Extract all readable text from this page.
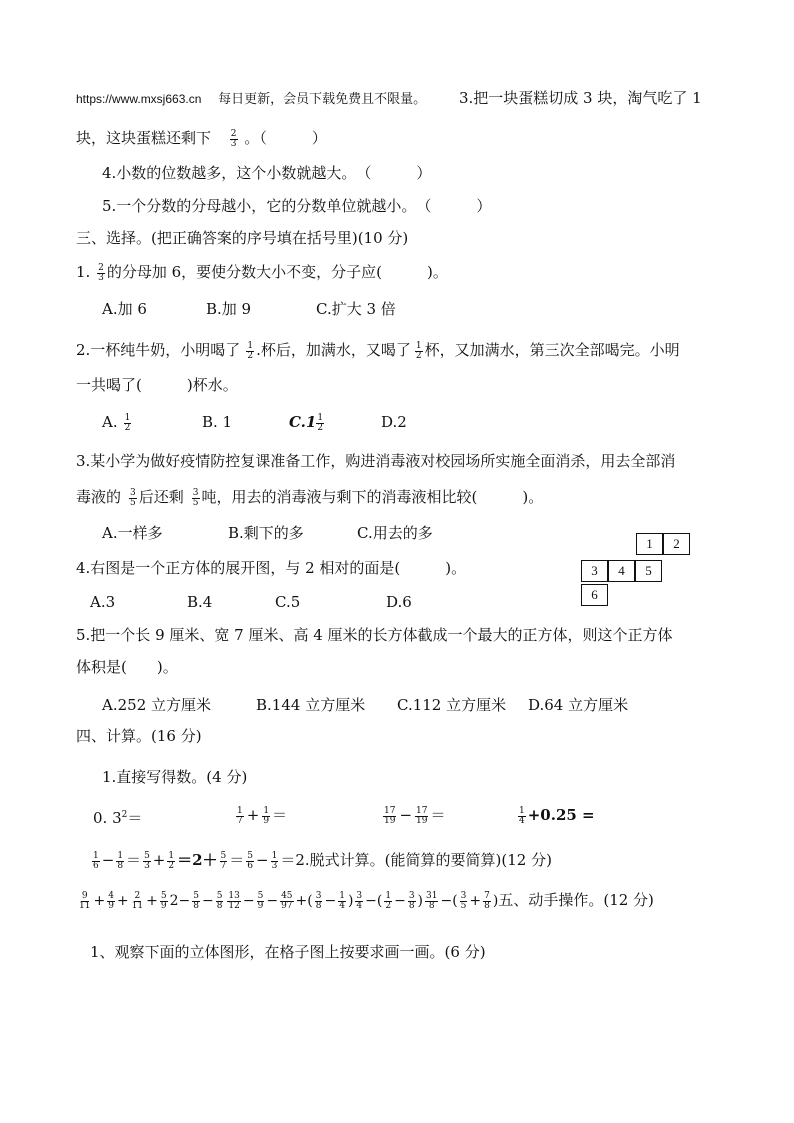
https://www.mxsj663.cn 每日更新，会员下载免费且不限量。 3.把一块蛋糕切成 3 块，淘气吃了 1
块，这块蛋糕还剩下 $\frac{2}{3}$ 。（　　　）
4.小数的位数越多，这个小数就越大。　（　　　）
5.一个分数的分母越小，它的分数单位就越小。　（　　　）
三、选择。(把正确答案的序号填在括号里)(10 分)
1. $\frac{2}{3}$ 的分母加 6，要使分数大小不变，分子应(　　　)。
A.加 6	B.加 9	C.扩大 3 倍
2.一杯纯牛奶，小明喝了 $\frac{1}{2}$ .杯后，加满水，又喝了 $\frac{1}{2}$ 杯，又加满水，第三次全部喝完。小明
一共喝了(　　　)杯水。
A. $\frac{1}{2}$	B. 1	$C.1 \frac{1}{2}$	D.2
3.某小学为做好疫情防控复课准备工作，购进消毒液对校园场所实施全面消杀，用去全部消
毒液的 $\frac{3}{5}$ 后还剩 $\frac{3}{5}$ 吨，用去的消毒液与剩下的消毒液相比较(　　　)。
A.一样多	B.剩下的多	C.用去的多
4.右图是一个正方体的展开图，与 2 相对的面是(　　　)。
A.3	B.4	C.5	D.6
1	2
3	4	5
6
5.把一个长 9 厘米、宽 7 厘米、高 4 厘米的长方体截成一个最大的正方体，则这个正方体
体积是(　　)。
A.252 立方厘米	B.144 立方厘米 C.112 立方厘米 D.64 立方厘米
四、计算。(16 分)
1.直接写得数。(4 分)
0. $3^2=$	$\frac{1}{7} + \frac{1}{9}$ ＝	$\frac{17}{19} - \frac{17}{19}$ ＝	$\frac{1}{4} +0.25$ =
$\frac{1}{6} - \frac{1}{8} = \frac{5}{3} + \frac{1}{2} =2+ \frac{5}{7} = \frac{5}{6} - \frac{1}{3} =2$.脱式计算。(能简算的要简算)(12 分)
$\frac{9}{11} + \frac{4}{9} + \frac{2}{11} + \frac{5}{9} 2- \frac{5}{8} - \frac{5}{8} \frac{13}{12} - \frac{5}{9} - \frac{45}{97}$ +( $\frac{3}{8} - \frac{1}{4}$ ) $\frac{3}{4}$ −( $\frac{1}{2} - \frac{3}{8}$ ) $\frac{31}{8}$ −( $\frac{3}{5} + \frac{7}{8}$ )五、动手操作。(12 分)
1、观察下面的立体图形，在格子图上按要求画一画。(6 分)
